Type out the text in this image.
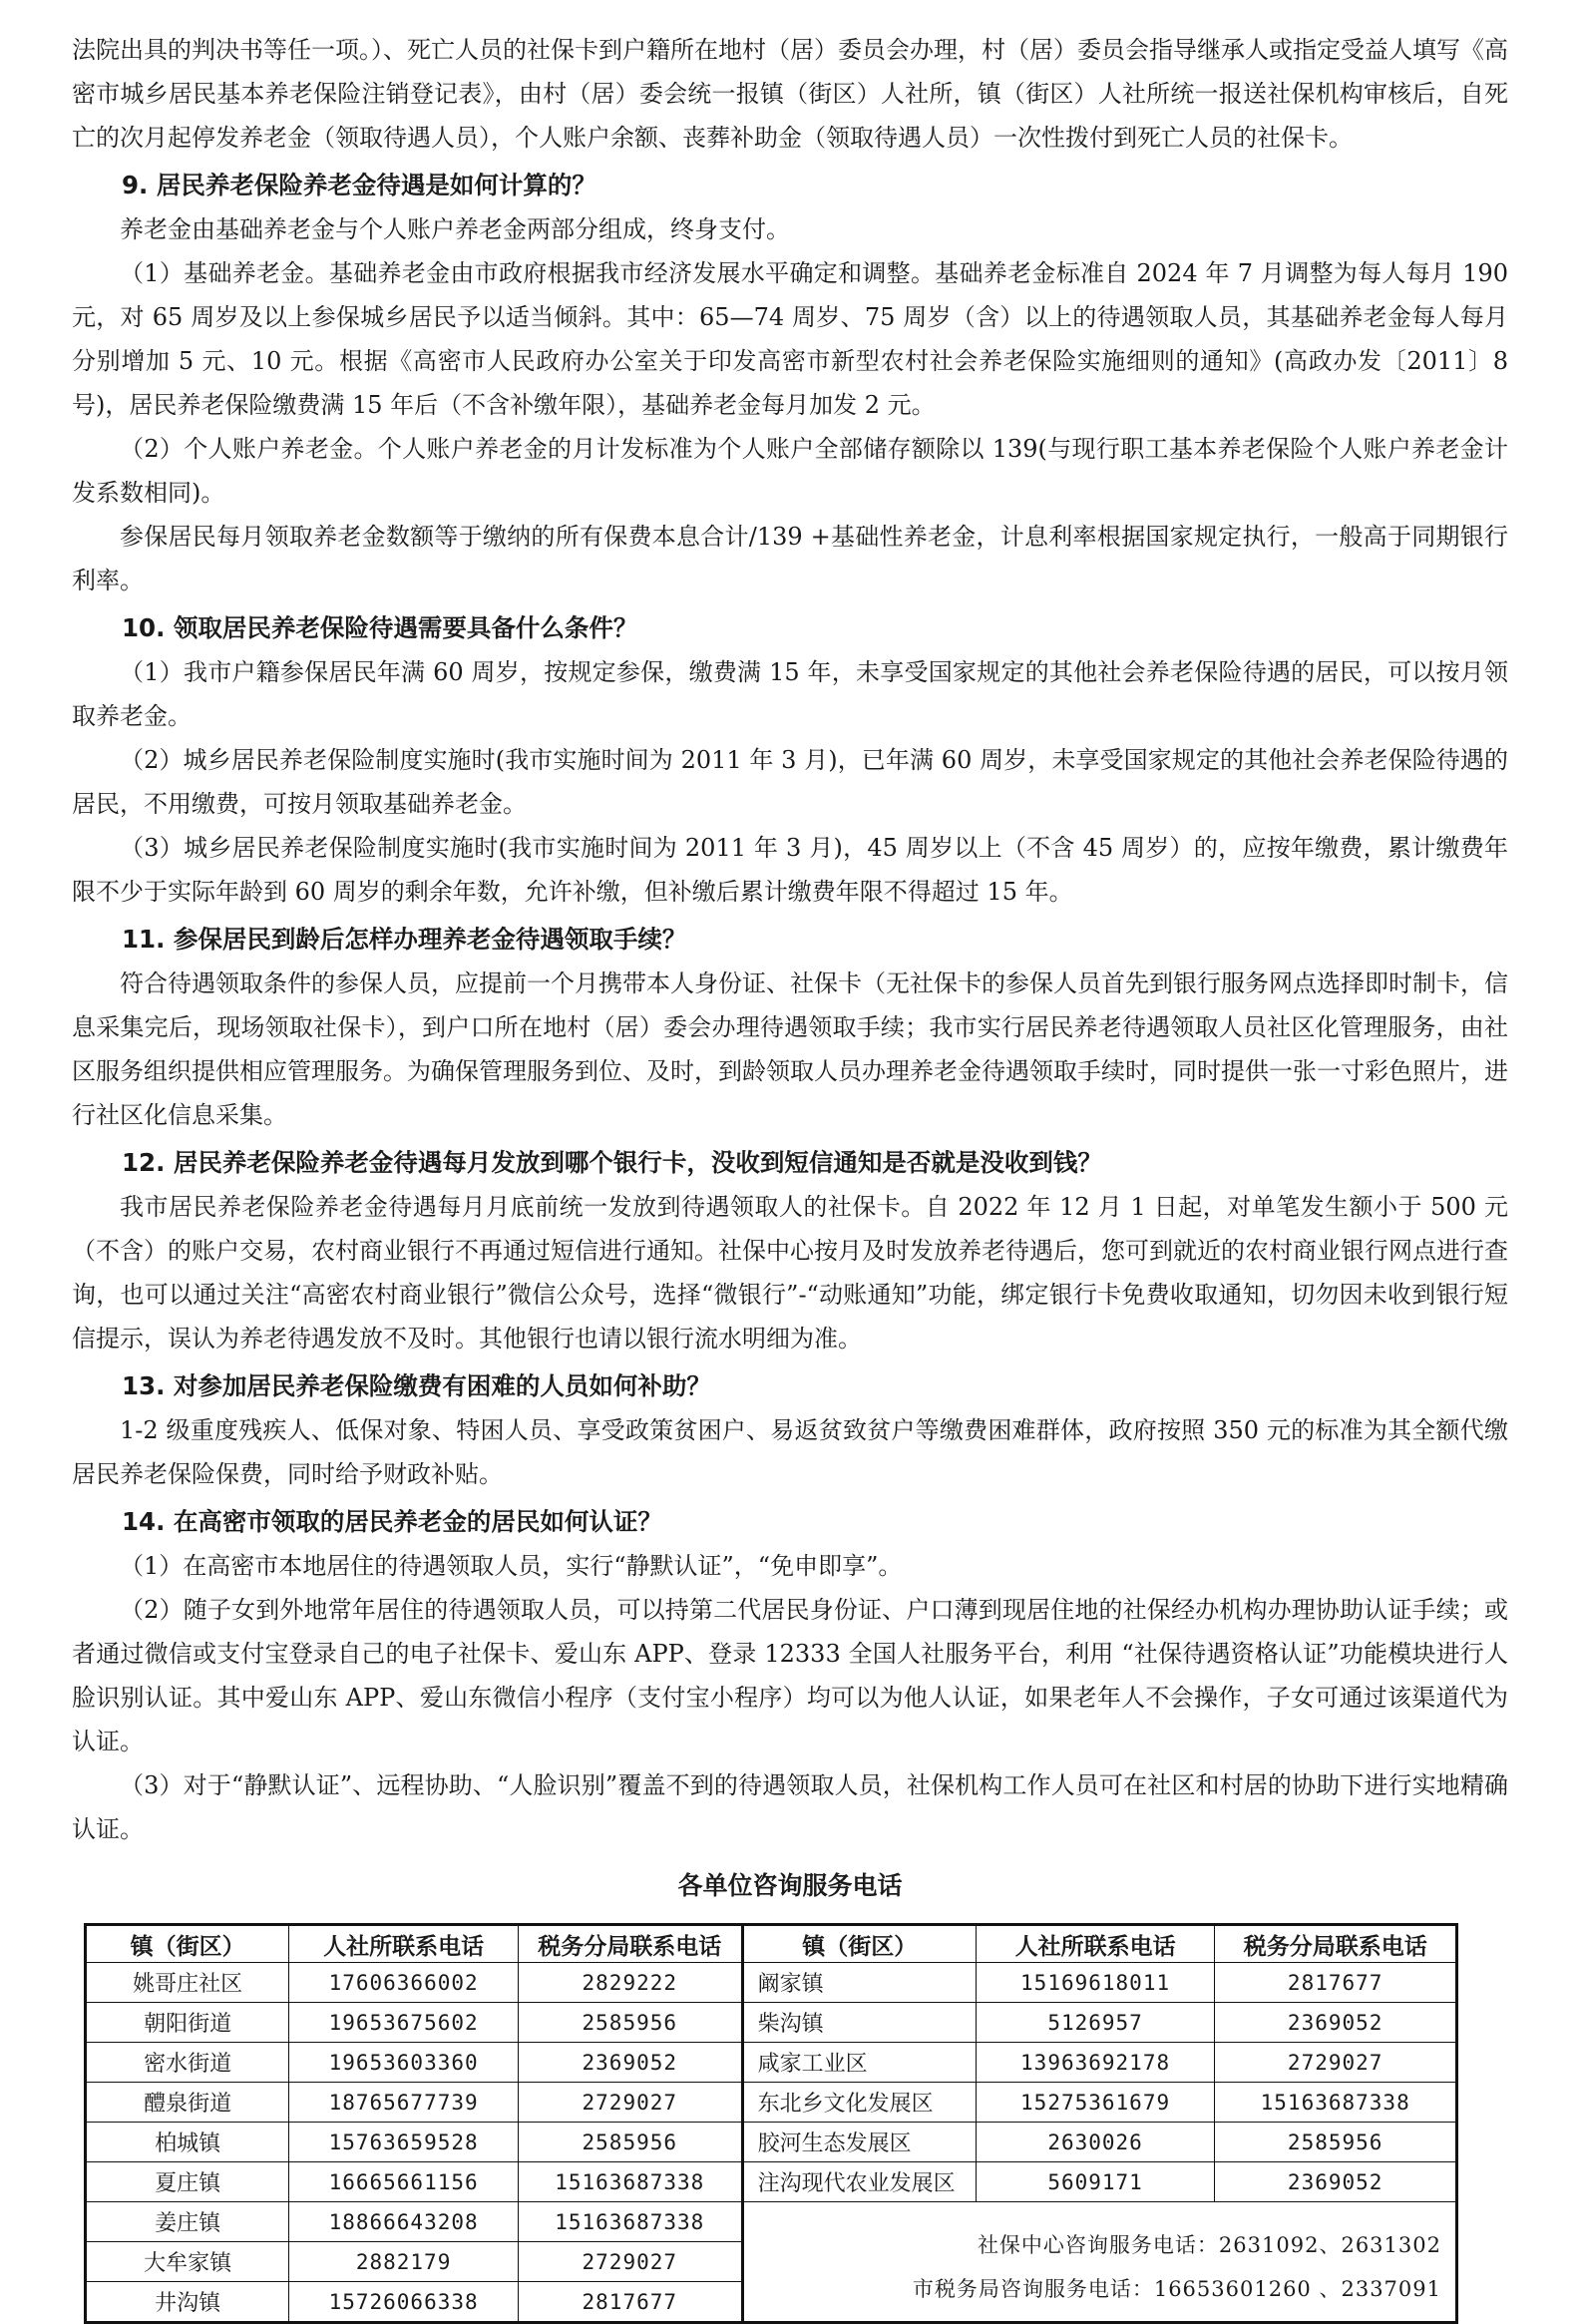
法院出具的判决书等任一项。）、死亡人员的社保卡到户籍所在地村（居）委员会办理，村（居）委员会指导继承人或指定受益人填写《高密市城乡居民基本养老保险注销登记表》，由村（居）委会统一报镇（街区）人社所，镇（街区）人社所统一报送社保机构审核后，自死亡的次月起停发养老金（领取待遇人员），个人账户余额、丧葬补助金（领取待遇人员）一次性拨付到死亡人员的社保卡。

9. 居民养老保险养老金待遇是如何计算的？

养老金由基础养老金与个人账户养老金两部分组成，终身支付。

（1）基础养老金。基础养老金由市政府根据我市经济发展水平确定和调整。基础养老金标准自 2024 年 7 月调整为每人每月 190 元，对 65 周岁及以上参保城乡居民予以适当倾斜。其中：65—74 周岁、75 周岁（含）以上的待遇领取人员，其基础养老金每人每月分别增加 5 元、10 元。根据《高密市人民政府办公室关于印发高密市新型农村社会养老保险实施细则的通知》(高政办发〔2011〕8 号)，居民养老保险缴费满 15 年后（不含补缴年限），基础养老金每月加发 2 元。

（2）个人账户养老金。个人账户养老金的月计发标准为个人账户全部储存额除以 139(与现行职工基本养老保险个人账户养老金计发系数相同)。

参保居民每月领取养老金数额等于缴纳的所有保费本息合计/139 +基础性养老金，计息利率根据国家规定执行，一般高于同期银行利率。

10. 领取居民养老保险待遇需要具备什么条件？

（1）我市户籍参保居民年满 60 周岁，按规定参保，缴费满 15 年，未享受国家规定的其他社会养老保险待遇的居民，可以按月领取养老金。

（2）城乡居民养老保险制度实施时(我市实施时间为 2011 年 3 月)，已年满 60 周岁，未享受国家规定的其他社会养老保险待遇的居民，不用缴费，可按月领取基础养老金。

（3）城乡居民养老保险制度实施时(我市实施时间为 2011 年 3 月)，45 周岁以上（不含 45 周岁）的，应按年缴费，累计缴费年限不少于实际年龄到 60 周岁的剩余年数，允许补缴，但补缴后累计缴费年限不得超过 15 年。

11. 参保居民到龄后怎样办理养老金待遇领取手续？

符合待遇领取条件的参保人员，应提前一个月携带本人身份证、社保卡（无社保卡的参保人员首先到银行服务网点选择即时制卡，信息采集完后，现场领取社保卡），到户口所在地村（居）委会办理待遇领取手续；我市实行居民养老待遇领取人员社区化管理服务，由社区服务组织提供相应管理服务。为确保管理服务到位、及时，到龄领取人员办理养老金待遇领取手续时，同时提供一张一寸彩色照片，进行社区化信息采集。

12. 居民养老保险养老金待遇每月发放到哪个银行卡，没收到短信通知是否就是没收到钱？

我市居民养老保险养老金待遇每月月底前统一发放到待遇领取人的社保卡。自 2022 年 12 月 1 日起，对单笔发生额小于 500 元（不含）的账户交易，农村商业银行不再通过短信进行通知。社保中心按月及时发放养老待遇后，您可到就近的农村商业银行网点进行查询，也可以通过关注“高密农村商业银行”微信公众号，选择“微银行”-“动账通知”功能，绑定银行卡免费收取通知，切勿因未收到银行短信提示，误认为养老待遇发放不及时。其他银行也请以银行流水明细为准。

13. 对参加居民养老保险缴费有困难的人员如何补助？

1-2 级重度残疾人、低保对象、特困人员、享受政策贫困户、易返贫致贫户等缴费困难群体，政府按照 350 元的标准为其全额代缴居民养老保险保费，同时给予财政补贴。

14. 在高密市领取的居民养老金的居民如何认证？

（1）在高密市本地居住的待遇领取人员，实行“静默认证”，“免申即享”。

（2）随子女到外地常年居住的待遇领取人员，可以持第二代居民身份证、户口薄到现居住地的社保经办机构办理协助认证手续；或者通过微信或支付宝登录自己的电子社保卡、爱山东 APP、登录 12333 全国人社服务平台，利用 “社保待遇资格认证”功能模块进行人脸识别认证。其中爱山东 APP、爱山东微信小程序（支付宝小程序）均可以为他人认证，如果老年人不会操作，子女可通过该渠道代为认证。

（3）对于“静默认证”、远程协助、“人脸识别”覆盖不到的待遇领取人员，社保机构工作人员可在社区和村居的协助下进行实地精确认证。

各单位咨询服务电话
镇（街区）	人社所联系电话	税务分局联系电话	镇（街区）	人社所联系电话	税务分局联系电话
姚哥庄社区	17606366002	2829222	阚家镇	15169618011	2817677
朝阳街道	19653675602	2585956	柴沟镇	5126957	2369052
密水街道	19653603360	2369052	咸家工业区	13963692178	2729027
醴泉街道	18765677739	2729027	东北乡文化发展区	15275361679	15163687338
柏城镇	15763659528	2585956	胶河生态发展区	2630026	2585956
夏庄镇	16665661156	15163687338	注沟现代农业发展区	5609171	2369052
姜庄镇	18866643208	15163687338	社保中心咨询服务电话：2631092、2631302
市税务局咨询服务电话：16653601260 、2337091		

大牟家镇	2882179	2729027			
井沟镇	15726066338	2817677			
